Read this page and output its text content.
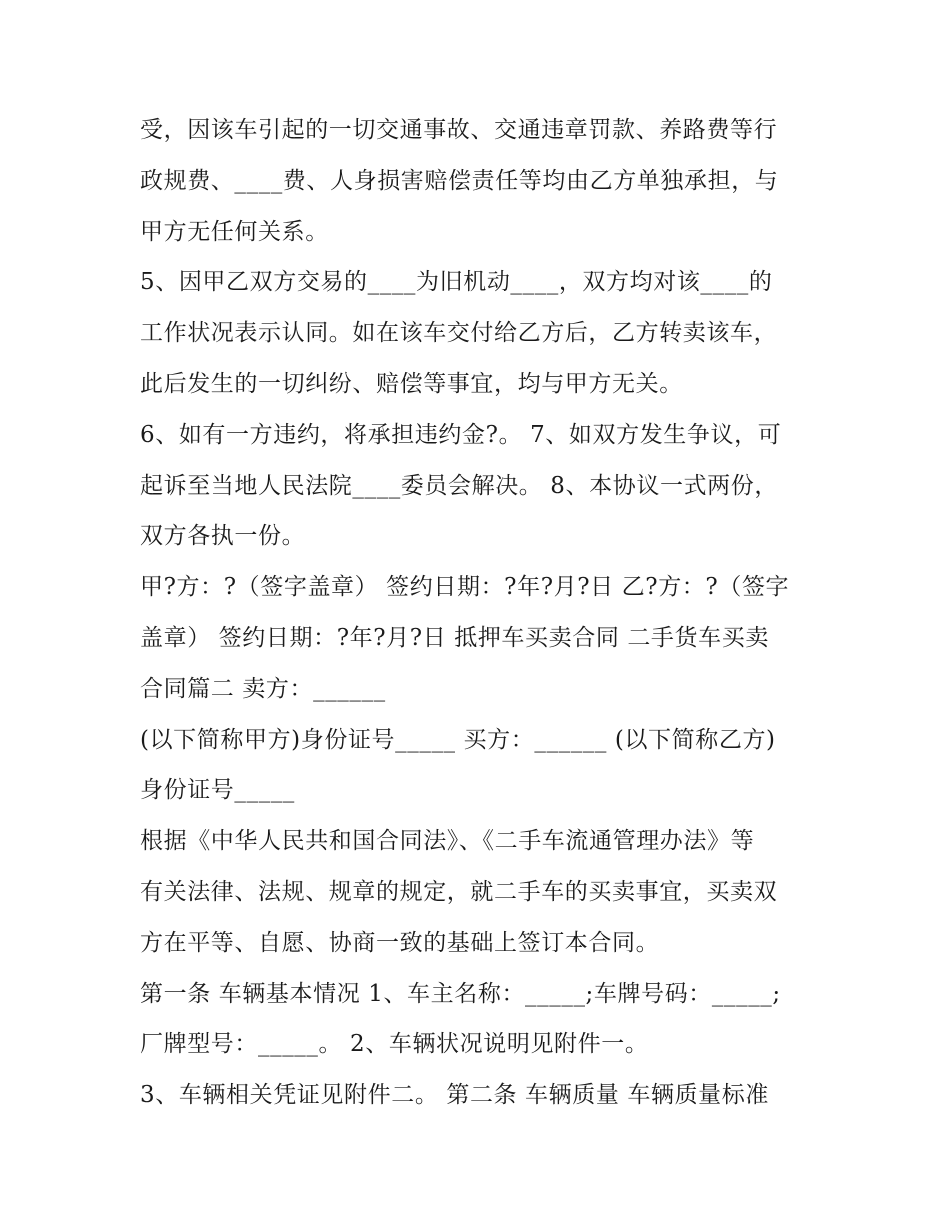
受，因该车引起的一切交通事故、交通违章罚款、养路费等行

政规费、____费、人身损害赔偿责任等均由乙方单独承担，与

甲方无任何关系。

5、因甲乙双方交易的____为旧机动____，双方均对该____的

工作状况表示认同。如在该车交付给乙方后，乙方转卖该车，

此后发生的一切纠纷、赔偿等事宜，均与甲方无关。

6、如有一方违约，将承担违约金?。 7、如双方发生争议，可

起诉至当地人民法院____委员会解决。 8、本协议一式两份，

双方各执一份。

甲?方：?（签字盖章） 签约日期：?年?月?日 乙?方：?（签字

盖章） 签约日期：?年?月?日 抵押车买卖合同 二手货车买卖

合同篇二 卖方：______

(以下简称甲方)身份证号_____ 买方：______ (以下简称乙方)

身份证号_____

根据《中华人民共和国合同法》、《二手车流通管理办法》等

有关法律、法规、规章的规定，就二手车的买卖事宜，买卖双

方在平等、自愿、协商一致的基础上签订本合同。

第一条 车辆基本情况 1、车主名称：_____;车牌号码：_____;

厂牌型号：_____。 2、车辆状况说明见附件一。

3、车辆相关凭证见附件二。 第二条 车辆质量 车辆质量标准
